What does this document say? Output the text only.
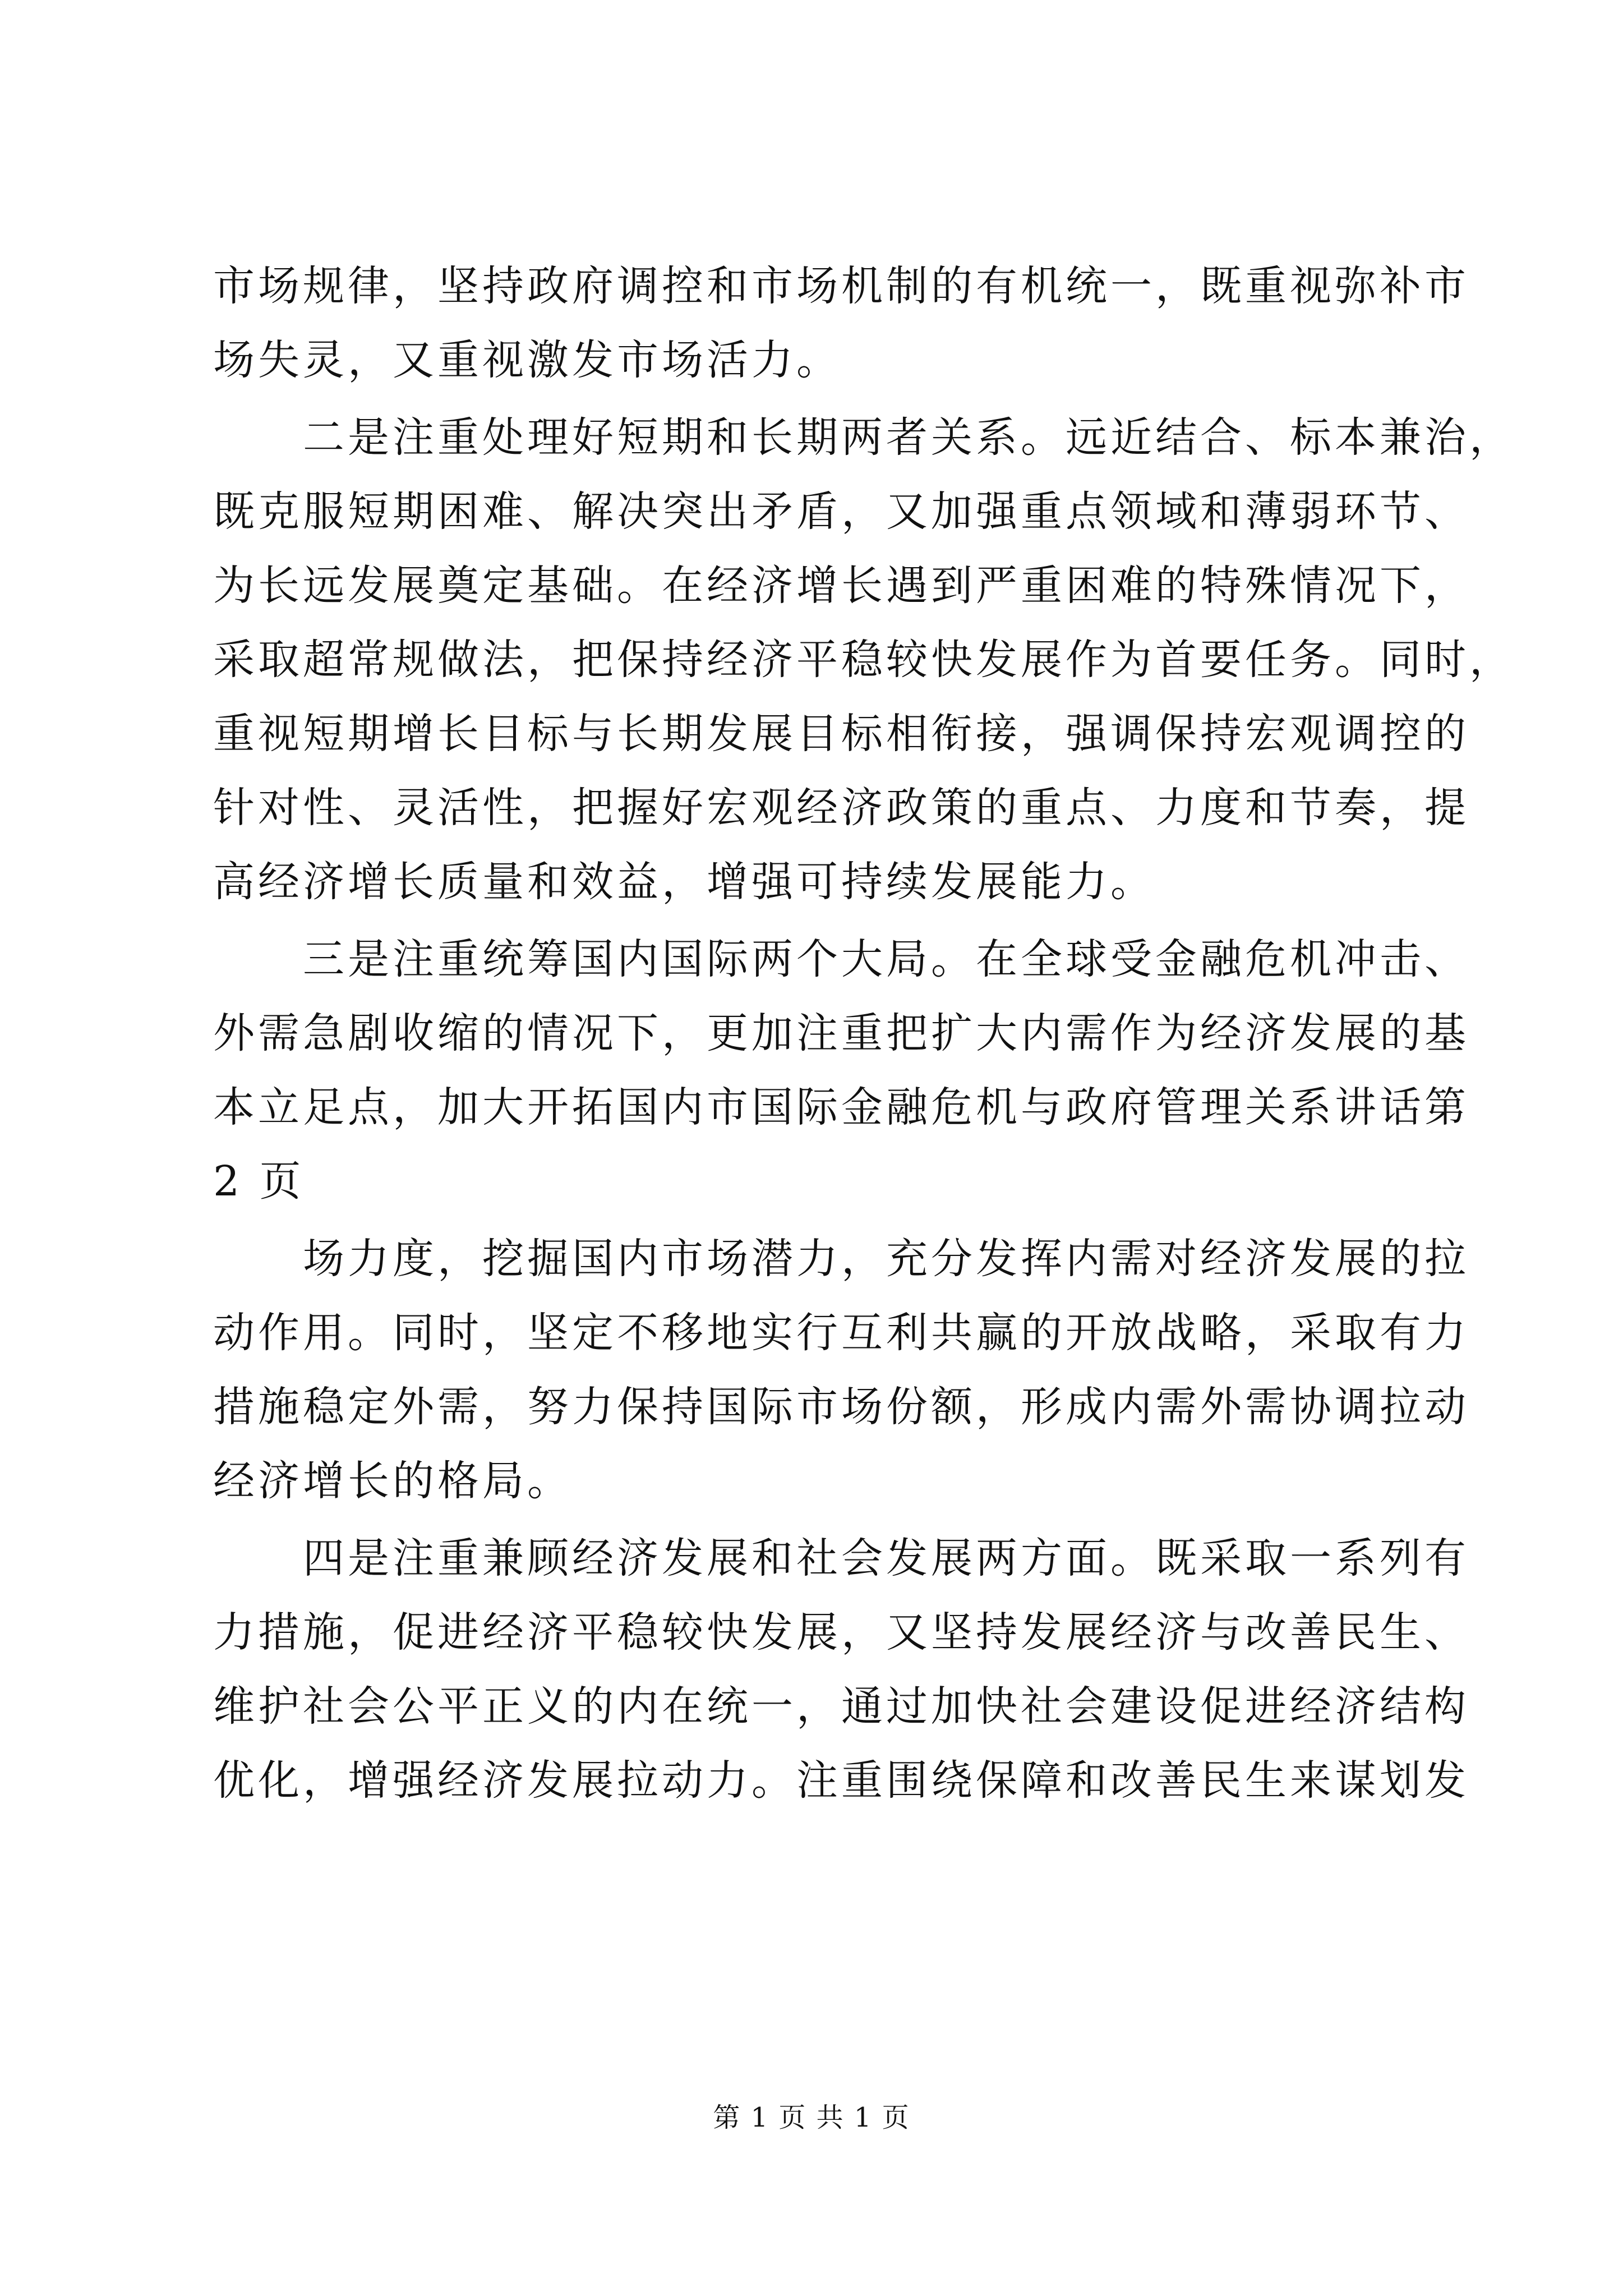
市场规律，坚持政府调控和市场机制的有机统一，既重视弥补市
场失灵，又重视激发市场活力。
　　二是注重处理好短期和长期两者关系。远近结合、标本兼治，
既克服短期困难、解决突出矛盾，又加强重点领域和薄弱环节、
为长远发展奠定基础。在经济增长遇到严重困难的特殊情况下，
采取超常规做法，把保持经济平稳较快发展作为首要任务。同时，
重视短期增长目标与长期发展目标相衔接，强调保持宏观调控的
针对性、灵活性，把握好宏观经济政策的重点、力度和节奏，提
高经济增长质量和效益，增强可持续发展能力。
　　三是注重统筹国内国际两个大局。在全球受金融危机冲击、
外需急剧收缩的情况下，更加注重把扩大内需作为经济发展的基
本立足点，加大开拓国内市国际金融危机与政府管理关系讲话第
2 页
　　场力度，挖掘国内市场潜力，充分发挥内需对经济发展的拉
动作用。同时，坚定不移地实行互利共赢的开放战略，采取有力
措施稳定外需，努力保持国际市场份额，形成内需外需协调拉动
经济增长的格局。
　　四是注重兼顾经济发展和社会发展两方面。既采取一系列有
力措施，促进经济平稳较快发展，又坚持发展经济与改善民生、
维护社会公平正义的内在统一，通过加快社会建设促进经济结构
优化，增强经济发展拉动力。注重围绕保障和改善民生来谋划发
第 1 页 共 1 页
